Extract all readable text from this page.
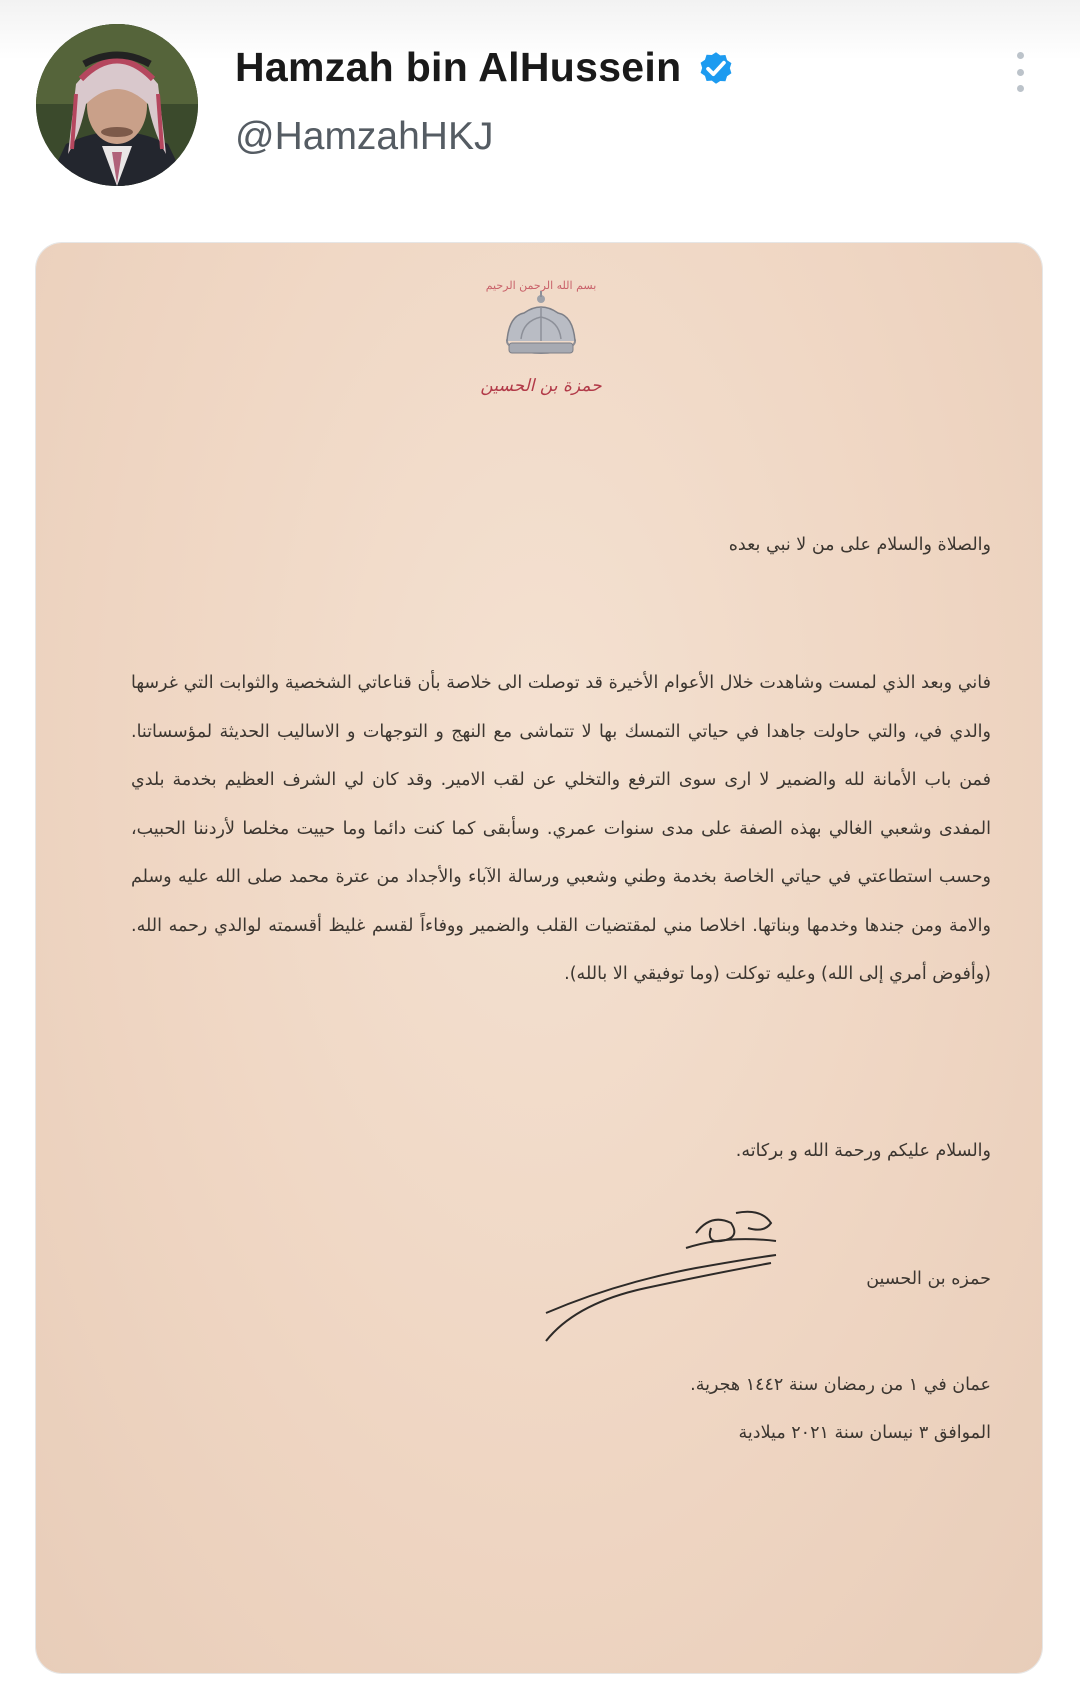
Hamzah bin AlHussein
@HamzahHKJ
بسم الله الرحمن الرحيم
حمزة بن الحسين

والصلاة والسلام على من لا نبي بعده

فاني وبعد الذي لمست وشاهدت خلال الأعوام الأخيرة قد توصلت الى خلاصة بأن قناعاتي الشخصية والثوابت التي غرسها والدي في، والتي حاولت جاهدا في حياتي التمسك بها لا تتماشى مع النهج و التوجهات و الاساليب الحديثة لمؤسساتنا. فمن باب الأمانة لله والضمير لا ارى سوى الترفع والتخلي عن لقب الامير. وقد كان لي الشرف العظيم بخدمة بلدي المفدى وشعبي الغالي بهذه الصفة على مدى سنوات عمري. وسأبقى كما كنت دائما وما حييت مخلصا لأردننا الحبيب، وحسب استطاعتي في حياتي الخاصة بخدمة وطني وشعبي ورسالة الآباء والأجداد من عترة محمد صلى الله عليه وسلم والامة ومن جندها وخدمها وبناتها. اخلاصا مني لمقتضيات القلب والضمير ووفاءاً لقسم غليظ أقسمته لوالدي رحمه الله. (وأفوض أمري إلى الله) وعليه توكلت (وما توفيقي الا بالله).

والسلام عليكم ورحمة الله و بركاته.

حمزه بن الحسين

عمان في ١ من رمضان سنة ١٤٤٢ هجرية.

الموافق ٣ نيسان سنة ٢٠٢١ ميلادية
